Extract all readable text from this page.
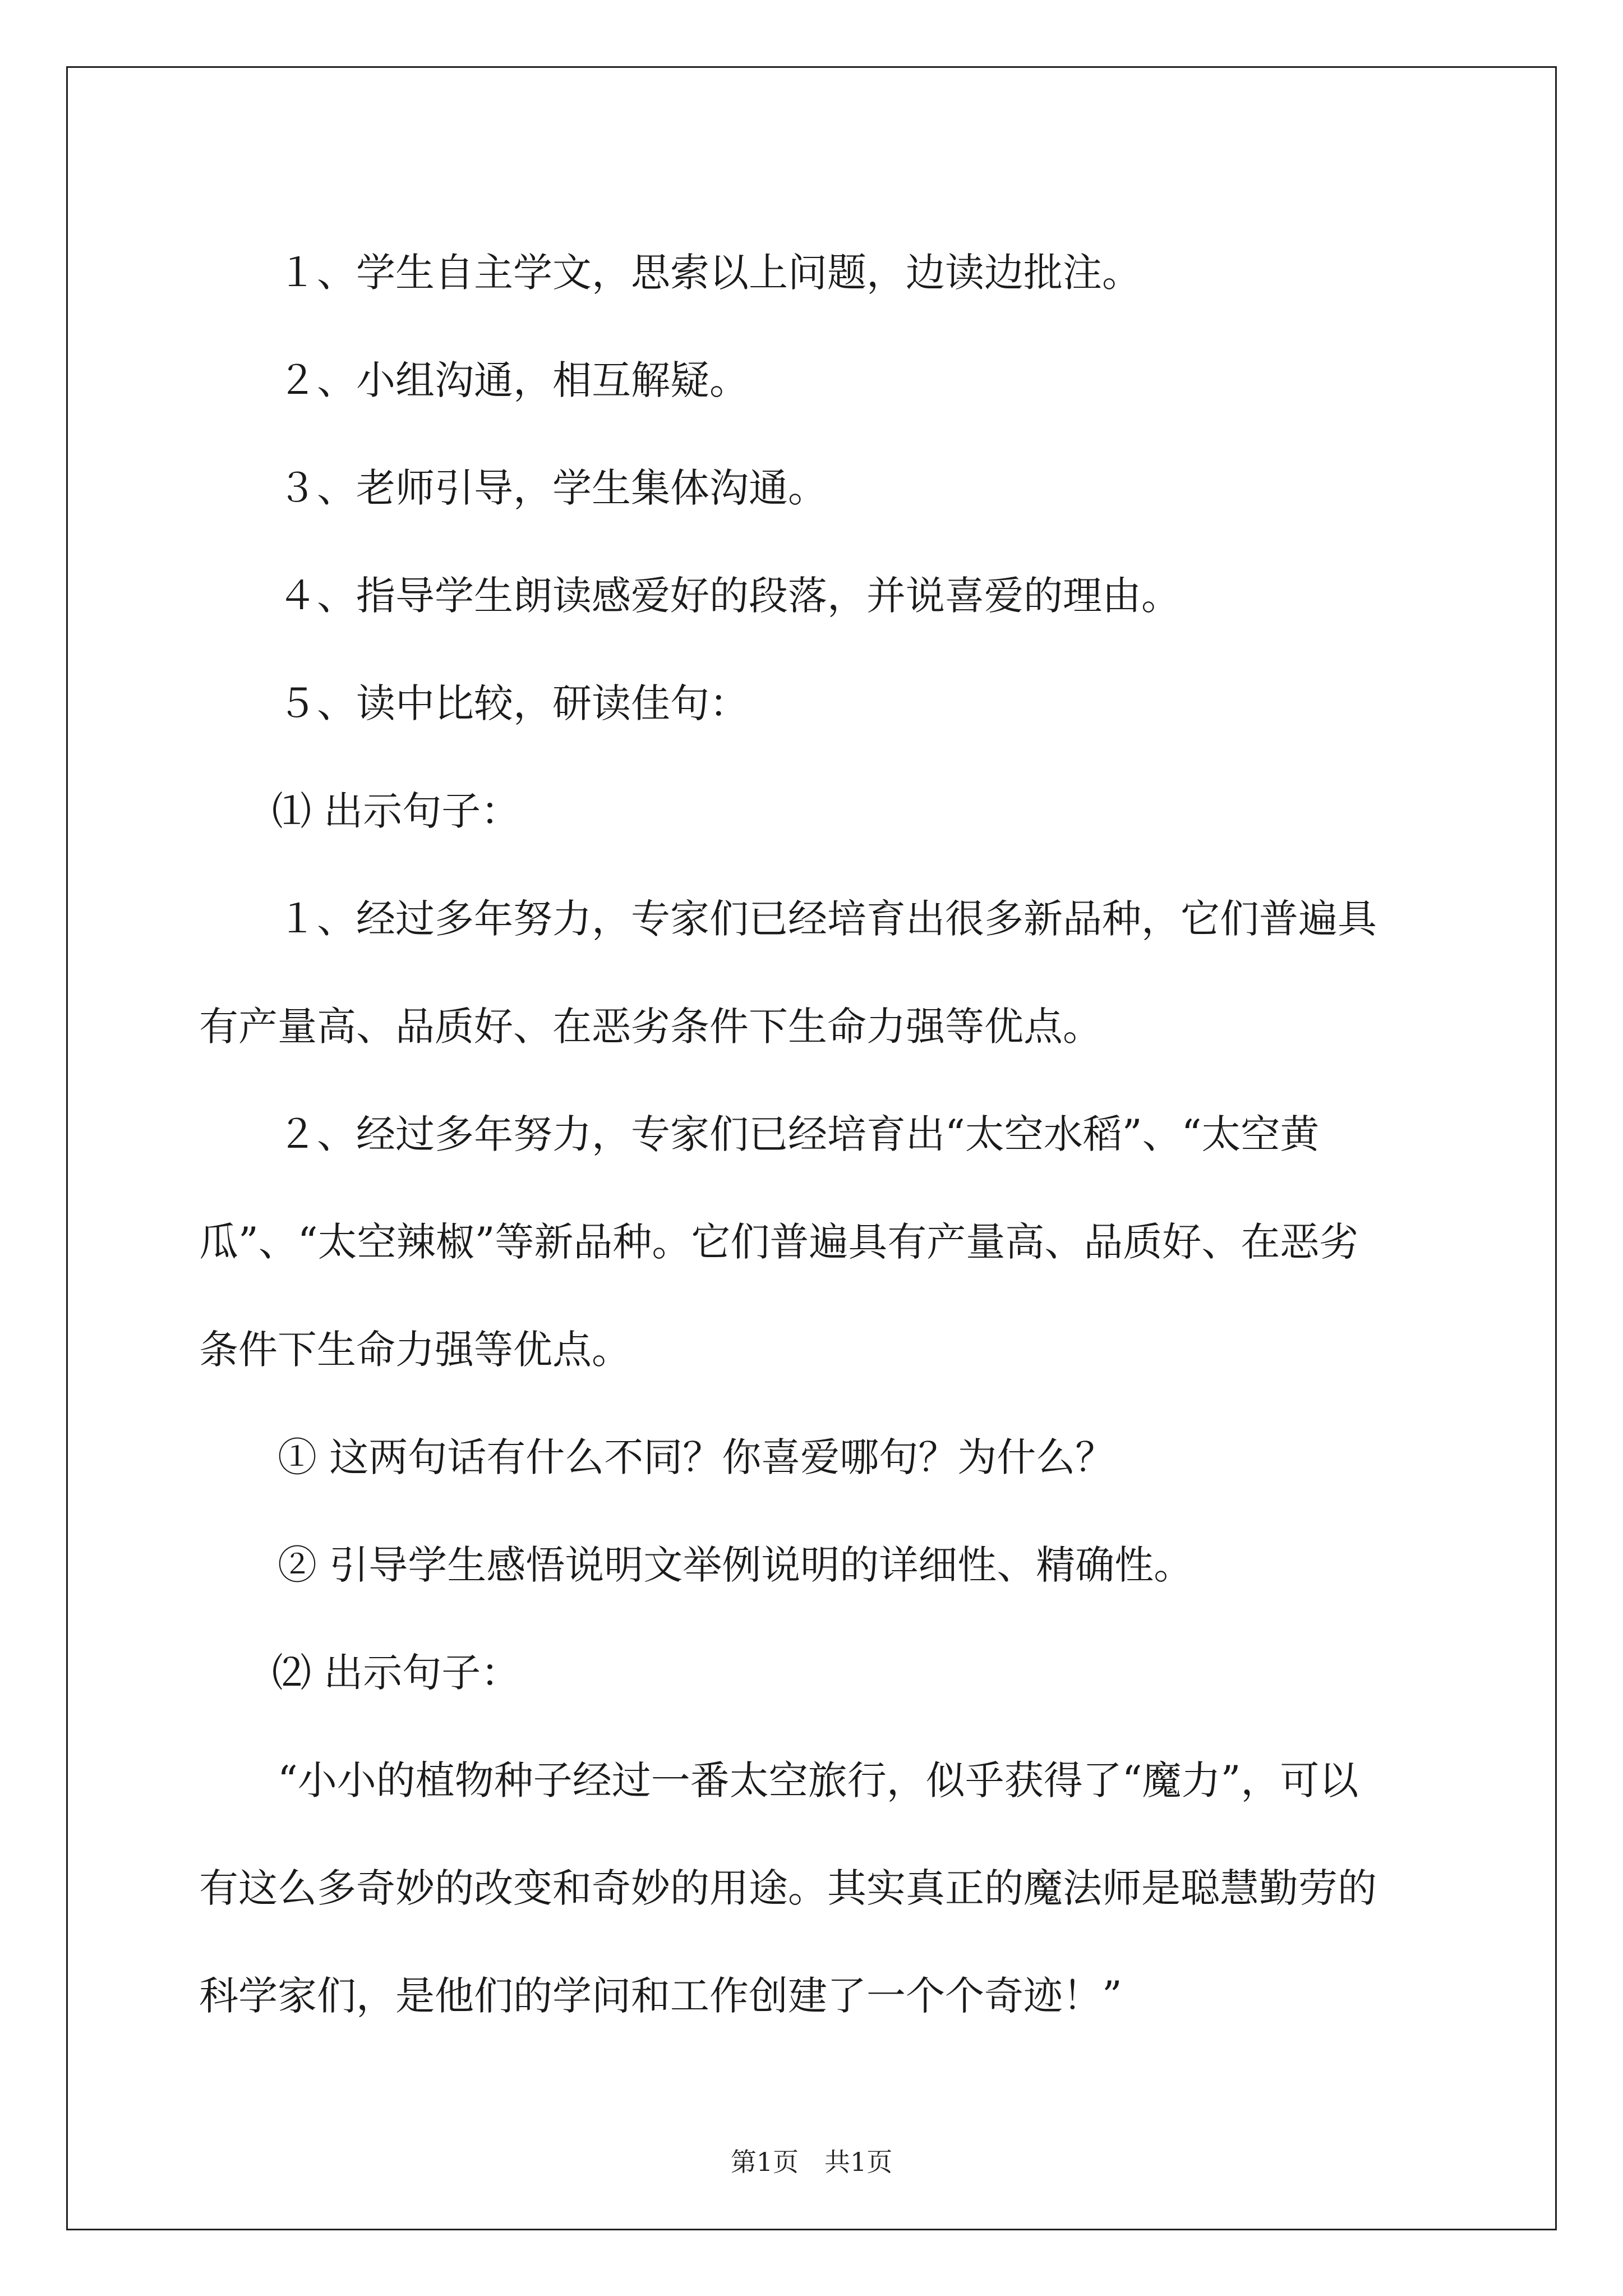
１、学生自主学文，思索以上问题，边读边批注。

２、小组沟通，相互解疑。

３、老师引导，学生集体沟通。

４、指导学生朗读感爱好的段落，并说喜爱的理由。

５、读中比较，研读佳句：

⑴ 出示句子：

１、经过多年努力，专家们已经培育出很多新品种，它们普遍具
有产量高、品质好、在恶劣条件下生命力强等优点。

２、经过多年努力，专家们已经培育出“太空水稻”、“太空黄
瓜”、“太空辣椒”等新品种。它们普遍具有产量高、品质好、在恶劣
条件下生命力强等优点。

① 这两句话有什么不同？你喜爱哪句？为什么？

② 引导学生感悟说明文举例说明的详细性、精确性。

⑵ 出示句子：

“小小的植物种子经过一番太空旅行，似乎获得了“魔力”，可以
有这么多奇妙的改变和奇妙的用途。其实真正的魔法师是聪慧勤劳的
科学家们，是他们的学问和工作创建了一个个奇迹！”

第1页　共1页
